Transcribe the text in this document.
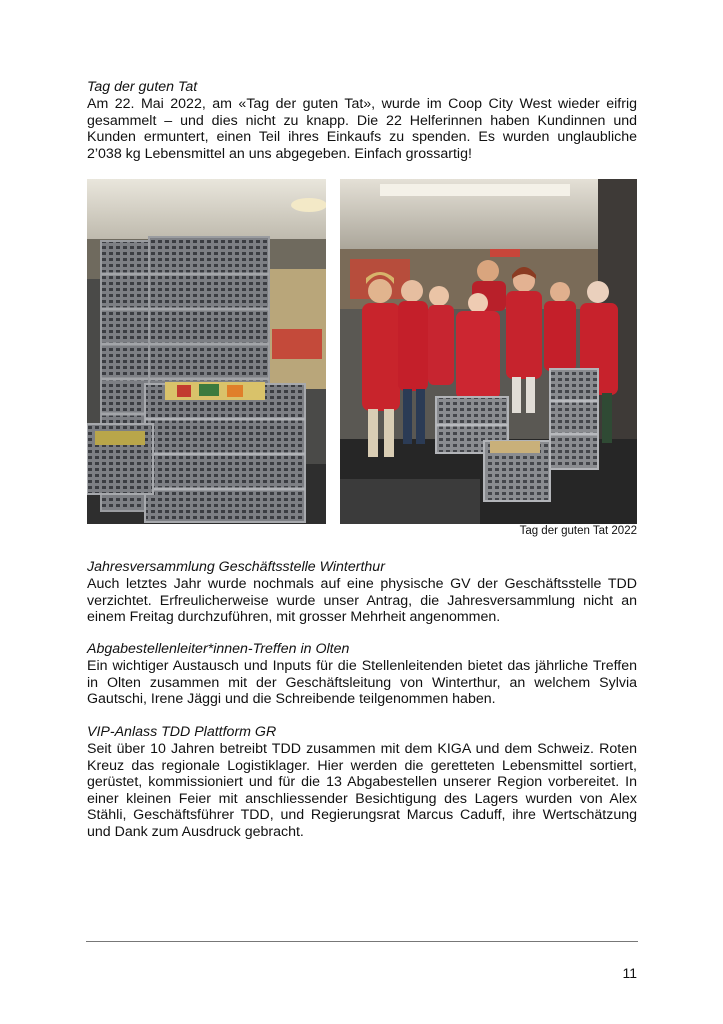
Tag der guten Tat

Am 22. Mai 2022, am «Tag der guten Tat», wurde im Coop City West wieder eifrig

gesammelt – und dies nicht zu knapp. Die 22 Helferinnen haben Kundinnen und

Kunden ermuntert, einen Teil ihres Einkaufs zu spenden. Es wurden unglaubliche

2’038 kg Lebensmittel an uns abgegeben. Einfach grossartig!

Tag der guten Tat 2022

Jahresversammlung Geschäftsstelle Winterthur

Auch letztes Jahr wurde nochmals auf eine physische GV der Geschäftsstelle TDD

verzichtet. Erfreulicherweise wurde unser Antrag, die Jahresversammlung nicht an

einem Freitag durchzuführen, mit grosser Mehrheit angenommen.

Abgabestellenleiter*innen-Treffen in Olten

Ein wichtiger Austausch und Inputs für die Stellenleitenden bietet das jährliche Treffen

in Olten zusammen mit der Geschäftsleitung von Winterthur, an welchem Sylvia

Gautschi, Irene Jäggi und die Schreibende teilgenommen haben.

VIP-Anlass TDD Plattform GR

Seit über 10 Jahren betreibt TDD zusammen mit dem KIGA und dem Schweiz. Roten

Kreuz das regionale Logistiklager. Hier werden die geretteten Lebensmittel sortiert,

gerüstet, kommissioniert und für die 13 Abgabestellen unserer Region vorbereitet. In

einer kleinen Feier mit anschliessender Besichtigung des Lagers wurden von Alex

Stähli, Geschäftsführer TDD, und Regierungsrat Marcus Caduff, ihre Wertschätzung

und Dank zum Ausdruck gebracht.

11
